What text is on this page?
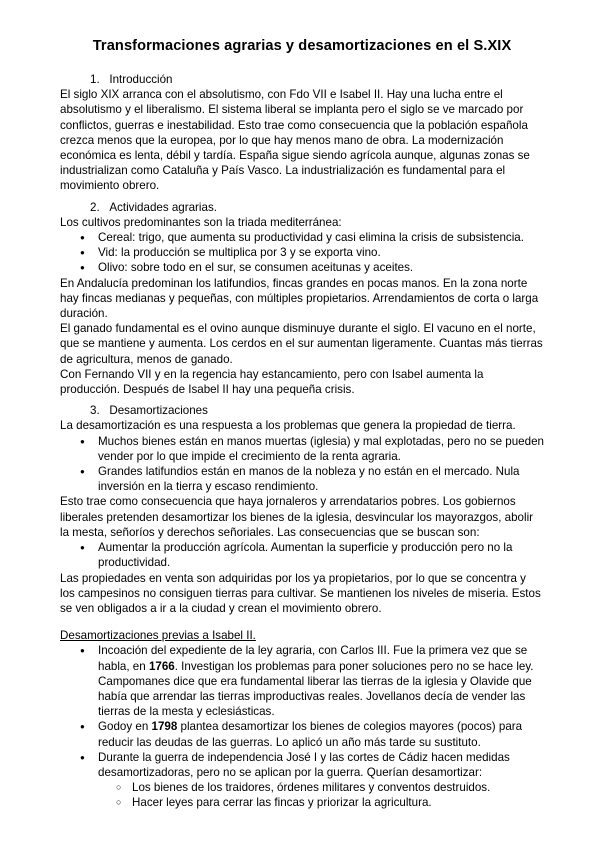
Transformaciones agrarias y desamortizaciones en el S.XIX
1. Introducción

El siglo XIX arranca con el absolutismo, con Fdo VII e Isabel II. Hay una lucha entre el absolutismo y el liberalismo. El sistema liberal se implanta pero el siglo se ve marcado por conflictos, guerras e inestabilidad. Esto trae como consecuencia que la población española crezca menos que la europea, por lo que hay menos mano de obra. La modernización económica es lenta, débil y tardía. España sigue siendo agrícola aunque, algunas zonas se industrializan como Cataluña y País Vasco. La industrialización es fundamental para el movimiento obrero.

2. Actividades agrarias.

Los cultivos predominantes son la triada mediterránea:

● Cereal: trigo, que aumenta su productividad y casi elimina la crisis de subsistencia.
● Vid: la producción se multiplica por 3 y se exporta vino.
● Olivo: sobre todo en el sur, se consumen aceitunas y aceites.

En Andalucía predominan los latifundios, fincas grandes en pocas manos. En la zona norte hay fincas medianas y pequeñas, con múltiples propietarios. Arrendamientos de corta o larga duración.

El ganado fundamental es el ovino aunque disminuye durante el siglo. El vacuno en el norte, que se mantiene y aumenta. Los cerdos en el sur aumentan ligeramente. Cuantas más tierras de agricultura, menos de ganado.

Con Fernando VII y en la regencia hay estancamiento, pero con Isabel aumenta la producción. Después de Isabel II hay una pequeña crisis.

3. Desamortizaciones

La desamortización es una respuesta a los problemas que genera la propiedad de tierra.

● Muchos bienes están en manos muertas (iglesia) y mal explotadas, pero no se pueden vender por lo que impide el crecimiento de la renta agraria.
● Grandes latifundios están en manos de la nobleza y no están en el mercado. Nula inversión en la tierra y escaso rendimiento.

Esto trae como consecuencia que haya jornaleros y arrendatarios pobres. Los gobiernos liberales pretenden desamortizar los bienes de la iglesia, desvincular los mayorazgos, abolir la mesta, señoríos y derechos señoriales. Las consecuencias que se buscan son:

● Aumentar la producción agrícola. Aumentan la superficie y producción pero no la productividad.

Las propiedades en venta son adquiridas por los ya propietarios, por lo que se concentra y los campesinos no consiguen tierras para cultivar. Se mantienen los niveles de miseria. Estos se ven obligados a ir a la ciudad y crean el movimiento obrero.

Desamortizaciones previas a Isabel II.
● Incoación del expediente de la ley agraria, con Carlos III. Fue la primera vez que se habla, en 1766. Investigan los problemas para poner soluciones pero no se hace ley. Campomanes dice que era fundamental liberar las tierras de la iglesia y Olavide que había que arrendar las tierras improductivas reales. Jovellanos decía de vender las tierras de la mesta y eclesiásticas.
● Godoy en 1798 plantea desamortizar los bienes de colegios mayores (pocos) para reducir las deudas de las guerras. Lo aplicó un año más tarde su sustituto.
● Durante la guerra de independencia José I y las cortes de Cádiz hacen medidas desamortizadoras, pero no se aplican por la guerra. Querían desamortizar:
○ Los bienes de los traidores, órdenes militares y conventos destruidos.
○ Hacer leyes para cerrar las fincas y priorizar la agricultura.
